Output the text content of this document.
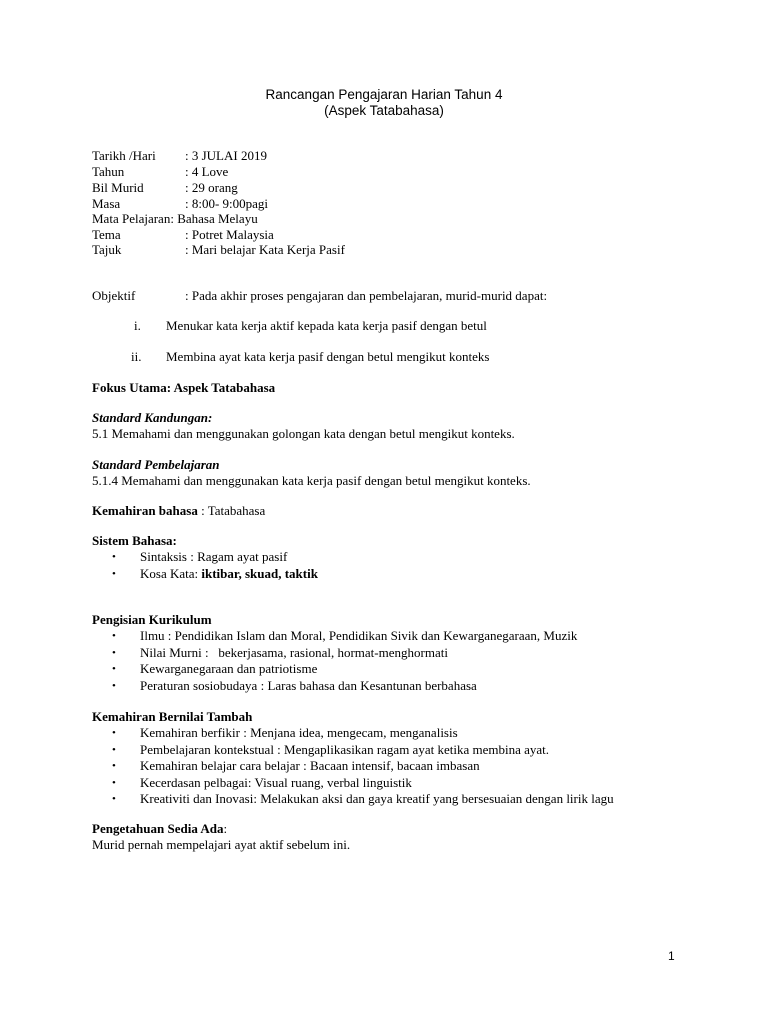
Rancangan Pengajaran Harian Tahun 4
(Aspek Tatabahasa)
Tarikh /Hari : 3 JULAI 2019
Tahun	: 4 Love
Bil Murid	: 29 orang
Masa	: 8:00- 9:00pagi
Mata Pelajaran: Bahasa Melayu
Tema	: Potret Malaysia
Tajuk	: Mari belajar Kata Kerja Pasif
Objektif	: Pada akhir proses pengajaran dan pembelajaran, murid-murid dapat:
i. Menukar kata kerja aktif kepada kata kerja pasif dengan betul
ii. Membina ayat kata kerja pasif dengan betul mengikut konteks
Fokus Utama: Aspek Tatabahasa
Standard Kandungan:
5.1 Memahami dan menggunakan golongan kata dengan betul mengikut konteks.
Standard Pembelajaran
5.1.4 Memahami dan menggunakan kata kerja pasif dengan betul mengikut konteks.
Kemahiran bahasa : Tatabahasa
Sistem Bahasa:
• Sintaksis : Ragam ayat pasif
• Kosa Kata: iktibar, skuad, taktik
Pengisian Kurikulum
• Ilmu : Pendidikan Islam dan Moral, Pendidikan Sivik dan Kewarganegaraan, Muzik
• Nilai Murni :   bekerjasama, rasional, hormat-menghormati
• Kewarganegaraan dan patriotisme
• Peraturan sosiobudaya : Laras bahasa dan Kesantunan berbahasa
Kemahiran Bernilai Tambah
• Kemahiran berfikir : Menjana idea, mengecam, menganalisis
• Pembelajaran kontekstual : Mengaplikasikan ragam ayat ketika membina ayat.
• Kemahiran belajar cara belajar : Bacaan intensif, bacaan imbasan
• Kecerdasan pelbagai: Visual ruang, verbal linguistik
• Kreativiti dan Inovasi: Melakukan aksi dan gaya kreatif yang bersesuaian dengan lirik lagu
Pengetahuan Sedia Ada:
Murid pernah mempelajari ayat aktif sebelum ini.
1
